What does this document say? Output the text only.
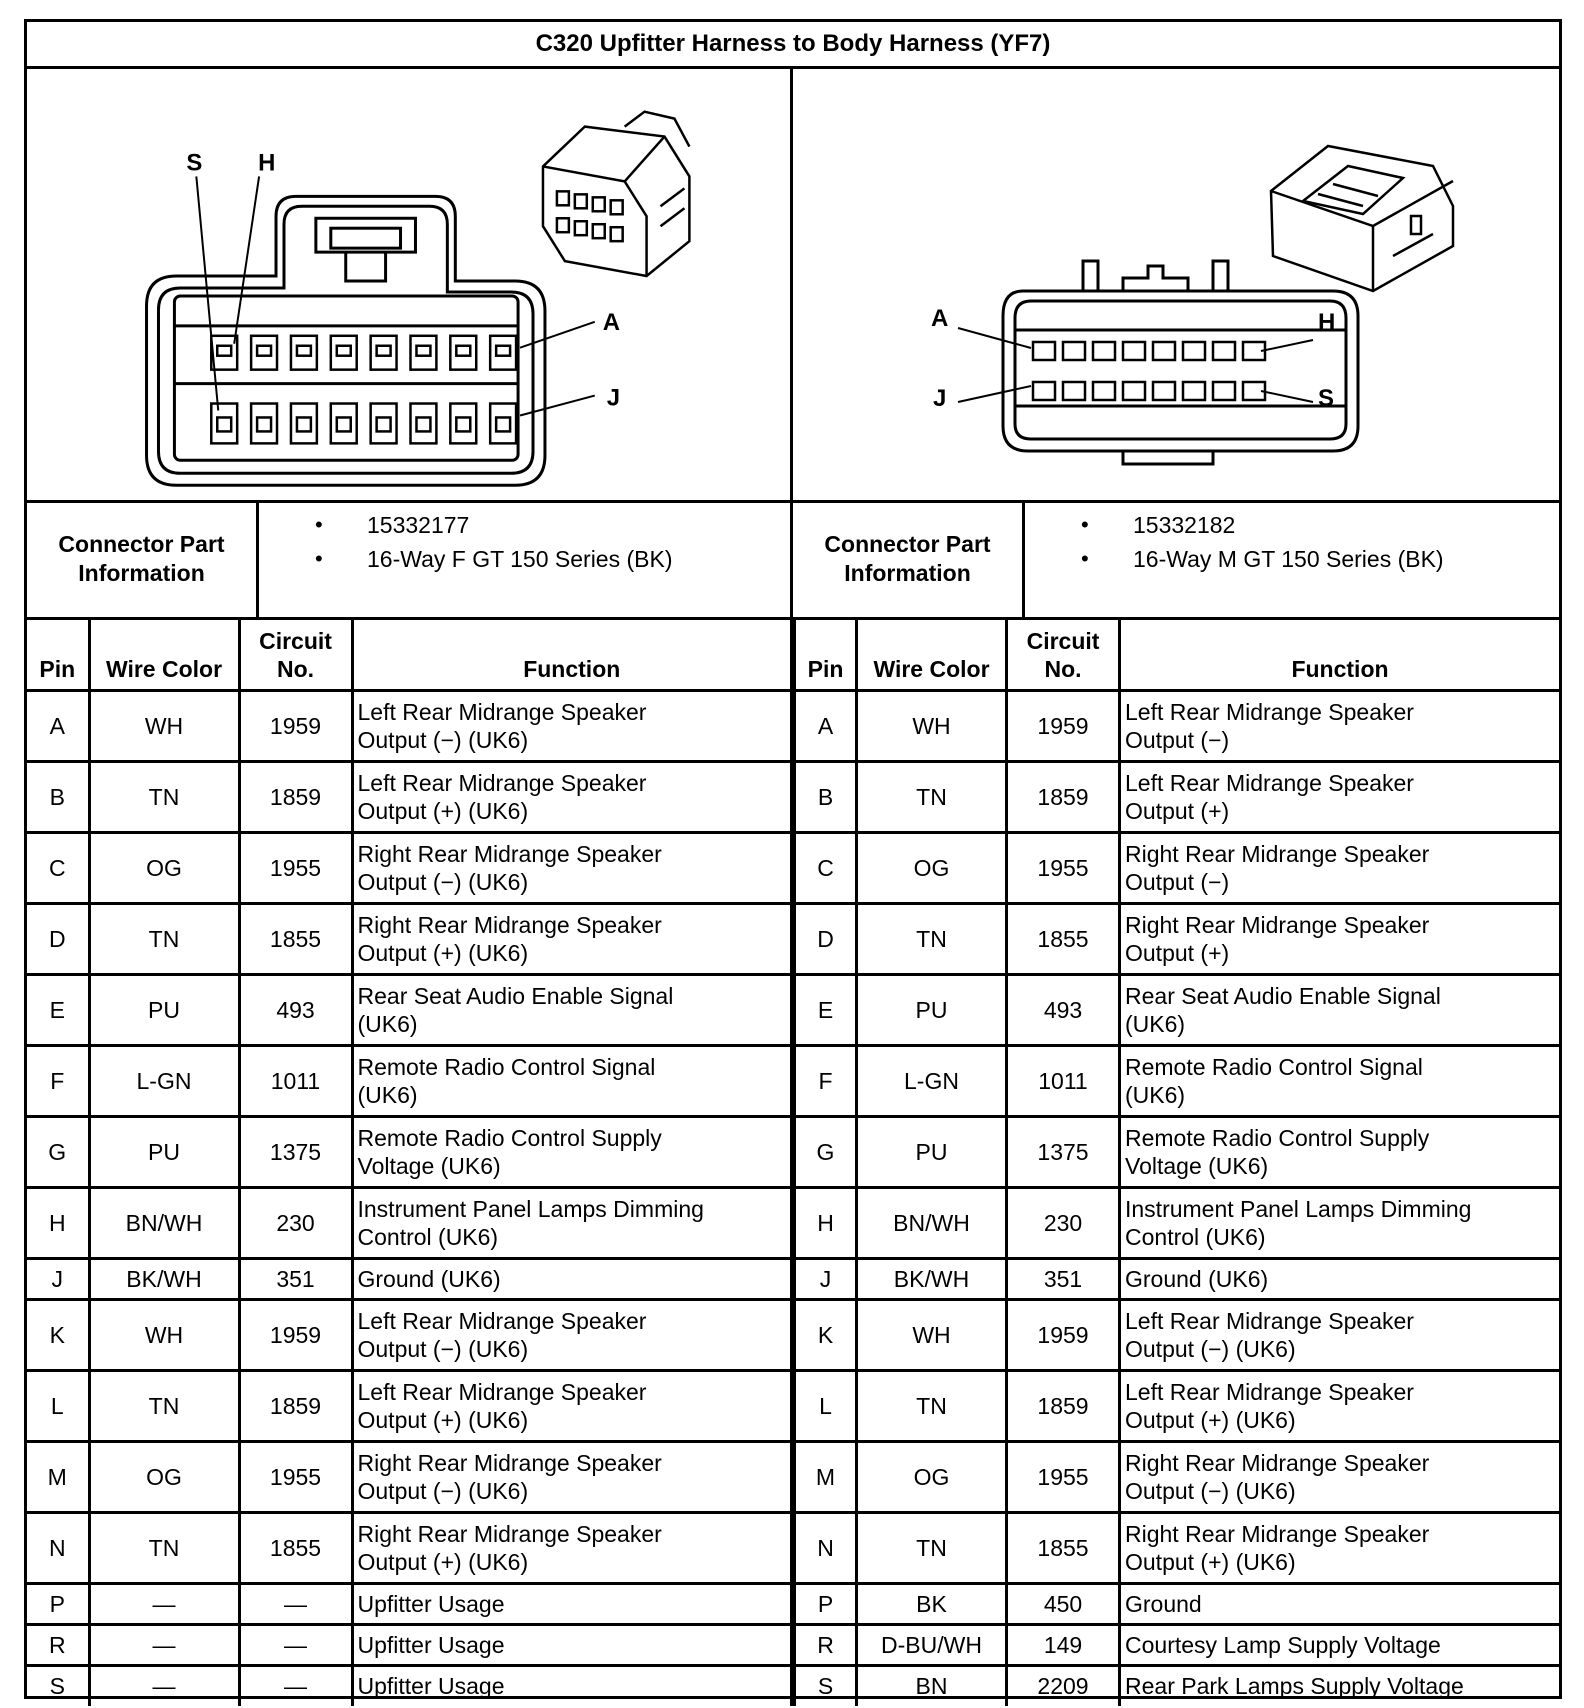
C320 Upfitter Harness to Body Harness (YF7)
S H
A
J
A
J
H
S
Connector Part Information
• 15332177
• 16-Way F GT 150 Series (BK)
Connector Part Information
• 15332182
• 16-Way M GT 150 Series (BK)
Pin	Wire Color	Circuit
No.	Function
A	WH	1959	Left Rear Midrange Speaker
Output (−) (UK6)
B	TN	1859	Left Rear Midrange Speaker
Output (+) (UK6)
C	OG	1955	Right Rear Midrange Speaker
Output (−) (UK6)
D	TN	1855	Right Rear Midrange Speaker
Output (+) (UK6)
E	PU	493	Rear Seat Audio Enable Signal
(UK6)
F	L-GN	1011	Remote Radio Control Signal
(UK6)
G	PU	1375	Remote Radio Control Supply
Voltage (UK6)
H	BN/WH	230	Instrument Panel Lamps Dimming
Control (UK6)
J	BK/WH	351	Ground (UK6)
K	WH	1959	Left Rear Midrange Speaker
Output (−) (UK6)
L	TN	1859	Left Rear Midrange Speaker
Output (+) (UK6)
M	OG	1955	Right Rear Midrange Speaker
Output (−) (UK6)
N	TN	1855	Right Rear Midrange Speaker
Output (+) (UK6)
P	—	—	Upfitter Usage
R	—	—	Upfitter Usage
S	—	—	Upfitter Usage
Pin	Wire Color	Circuit
No.	Function
A	WH	1959	Left Rear Midrange Speaker
Output (−)
B	TN	1859	Left Rear Midrange Speaker
Output (+)
C	OG	1955	Right Rear Midrange Speaker
Output (−)
D	TN	1855	Right Rear Midrange Speaker
Output (+)
E	PU	493	Rear Seat Audio Enable Signal
(UK6)
F	L-GN	1011	Remote Radio Control Signal
(UK6)
G	PU	1375	Remote Radio Control Supply
Voltage (UK6)
H	BN/WH	230	Instrument Panel Lamps Dimming
Control (UK6)
J	BK/WH	351	Ground (UK6)
K	WH	1959	Left Rear Midrange Speaker
Output (−) (UK6)
L	TN	1859	Left Rear Midrange Speaker
Output (+) (UK6)
M	OG	1955	Right Rear Midrange Speaker
Output (−) (UK6)
N	TN	1855	Right Rear Midrange Speaker
Output (+) (UK6)
P	BK	450	Ground
R	D-BU/WH	149	Courtesy Lamp Supply Voltage
S	BN	2209	Rear Park Lamps Supply Voltage
